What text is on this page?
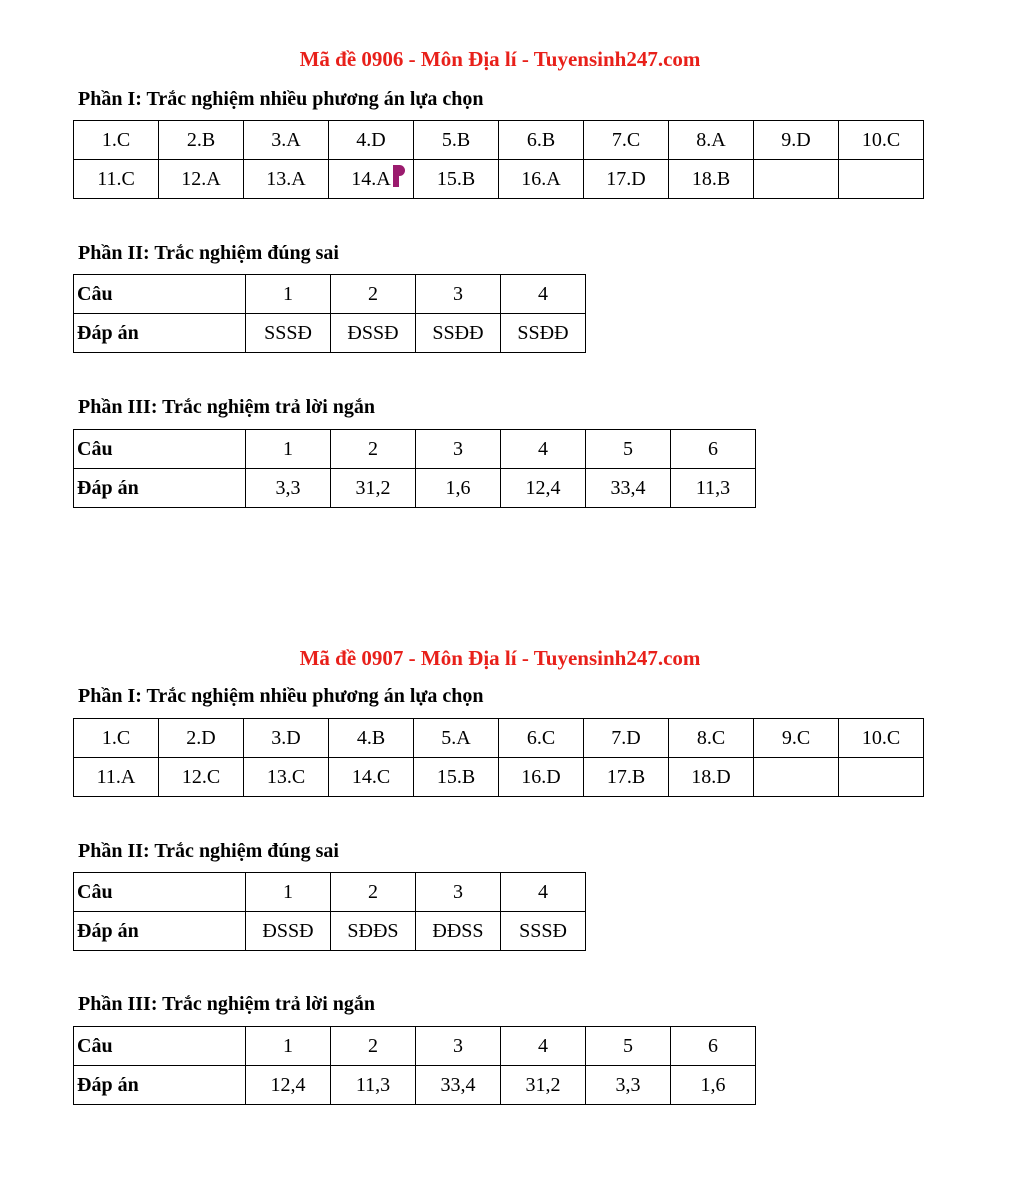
Mã đề 0906 - Môn Địa lí - Tuyensinh247.com
Phần I: Trắc nghiệm nhiều phương án lựa chọn
1.C	2.B	3.A	4.D	5.B	6.B	7.C	8.A	9.D	10.C
11.C	12.A	13.A	14.A	15.B	16.A	17.D	18.B		
Phần II: Trắc nghiệm đúng sai
Câu	1	2	3	4
Đáp án	SSSĐ	ĐSSĐ	SSĐĐ	SSĐĐ
Phần III: Trắc nghiệm trả lời ngắn
Câu	1	2	3	4	5	6
Đáp án	3,3	31,2	1,6	12,4	33,4	11,3
Mã đề 0907 - Môn Địa lí - Tuyensinh247.com
Phần I: Trắc nghiệm nhiều phương án lựa chọn
1.C	2.D	3.D	4.B	5.A	6.C	7.D	8.C	9.C	10.C
11.A	12.C	13.C	14.C	15.B	16.D	17.B	18.D		
Phần II: Trắc nghiệm đúng sai
Câu	1	2	3	4
Đáp án	ĐSSĐ	SĐĐS	ĐĐSS	SSSĐ
Phần III: Trắc nghiệm trả lời ngắn
Câu	1	2	3	4	5	6
Đáp án	12,4	11,3	33,4	31,2	3,3	1,6
